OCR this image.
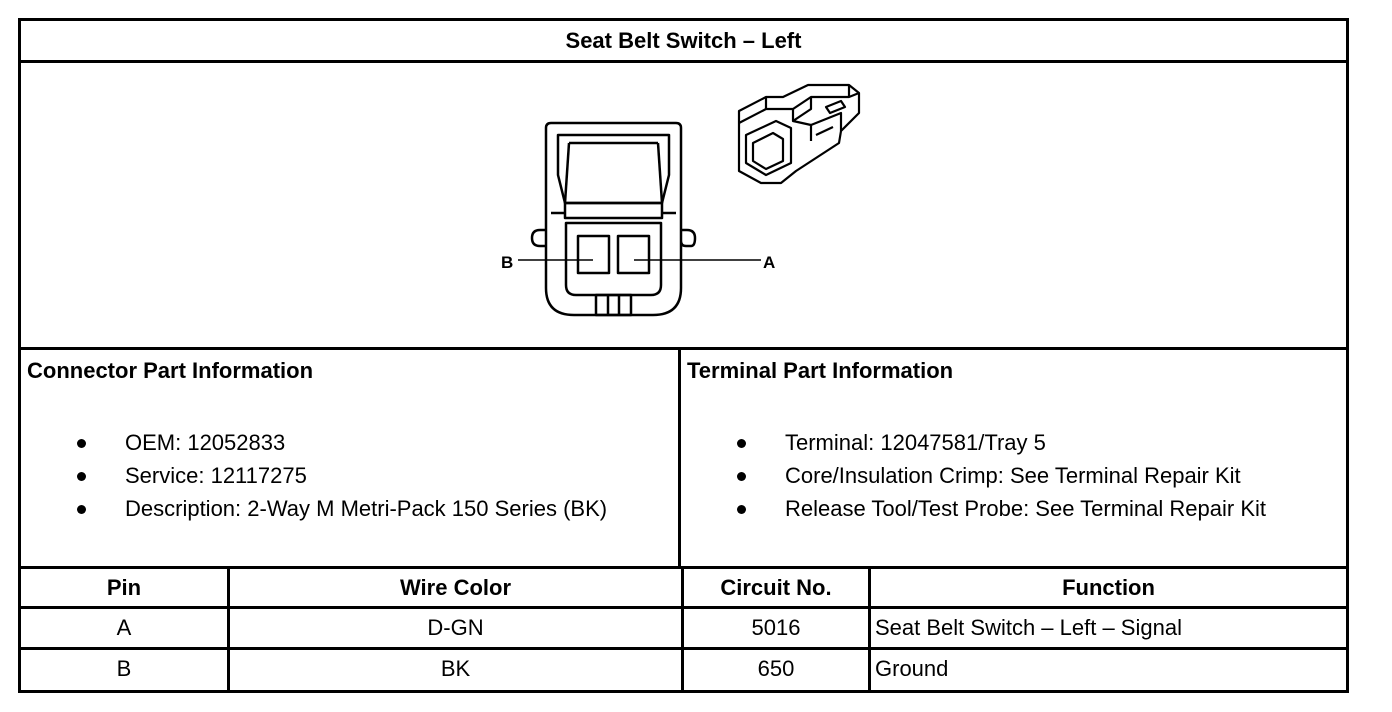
Seat Belt Switch – Left
B	A
Connector Part Information
OEM: 12052833
Service: 12117275
Description: 2-Way M Metri-Pack 150 Series (BK)
Terminal Part Information
Terminal: 12047581/Tray 5
Core/Insulation Crimp: See Terminal Repair Kit
Release Tool/Test Probe: See Terminal Repair Kit
Pin	Wire Color	Circuit No.	Function
A	D-GN	5016	Seat Belt Switch – Left – Signal
B	BK	650	Ground
